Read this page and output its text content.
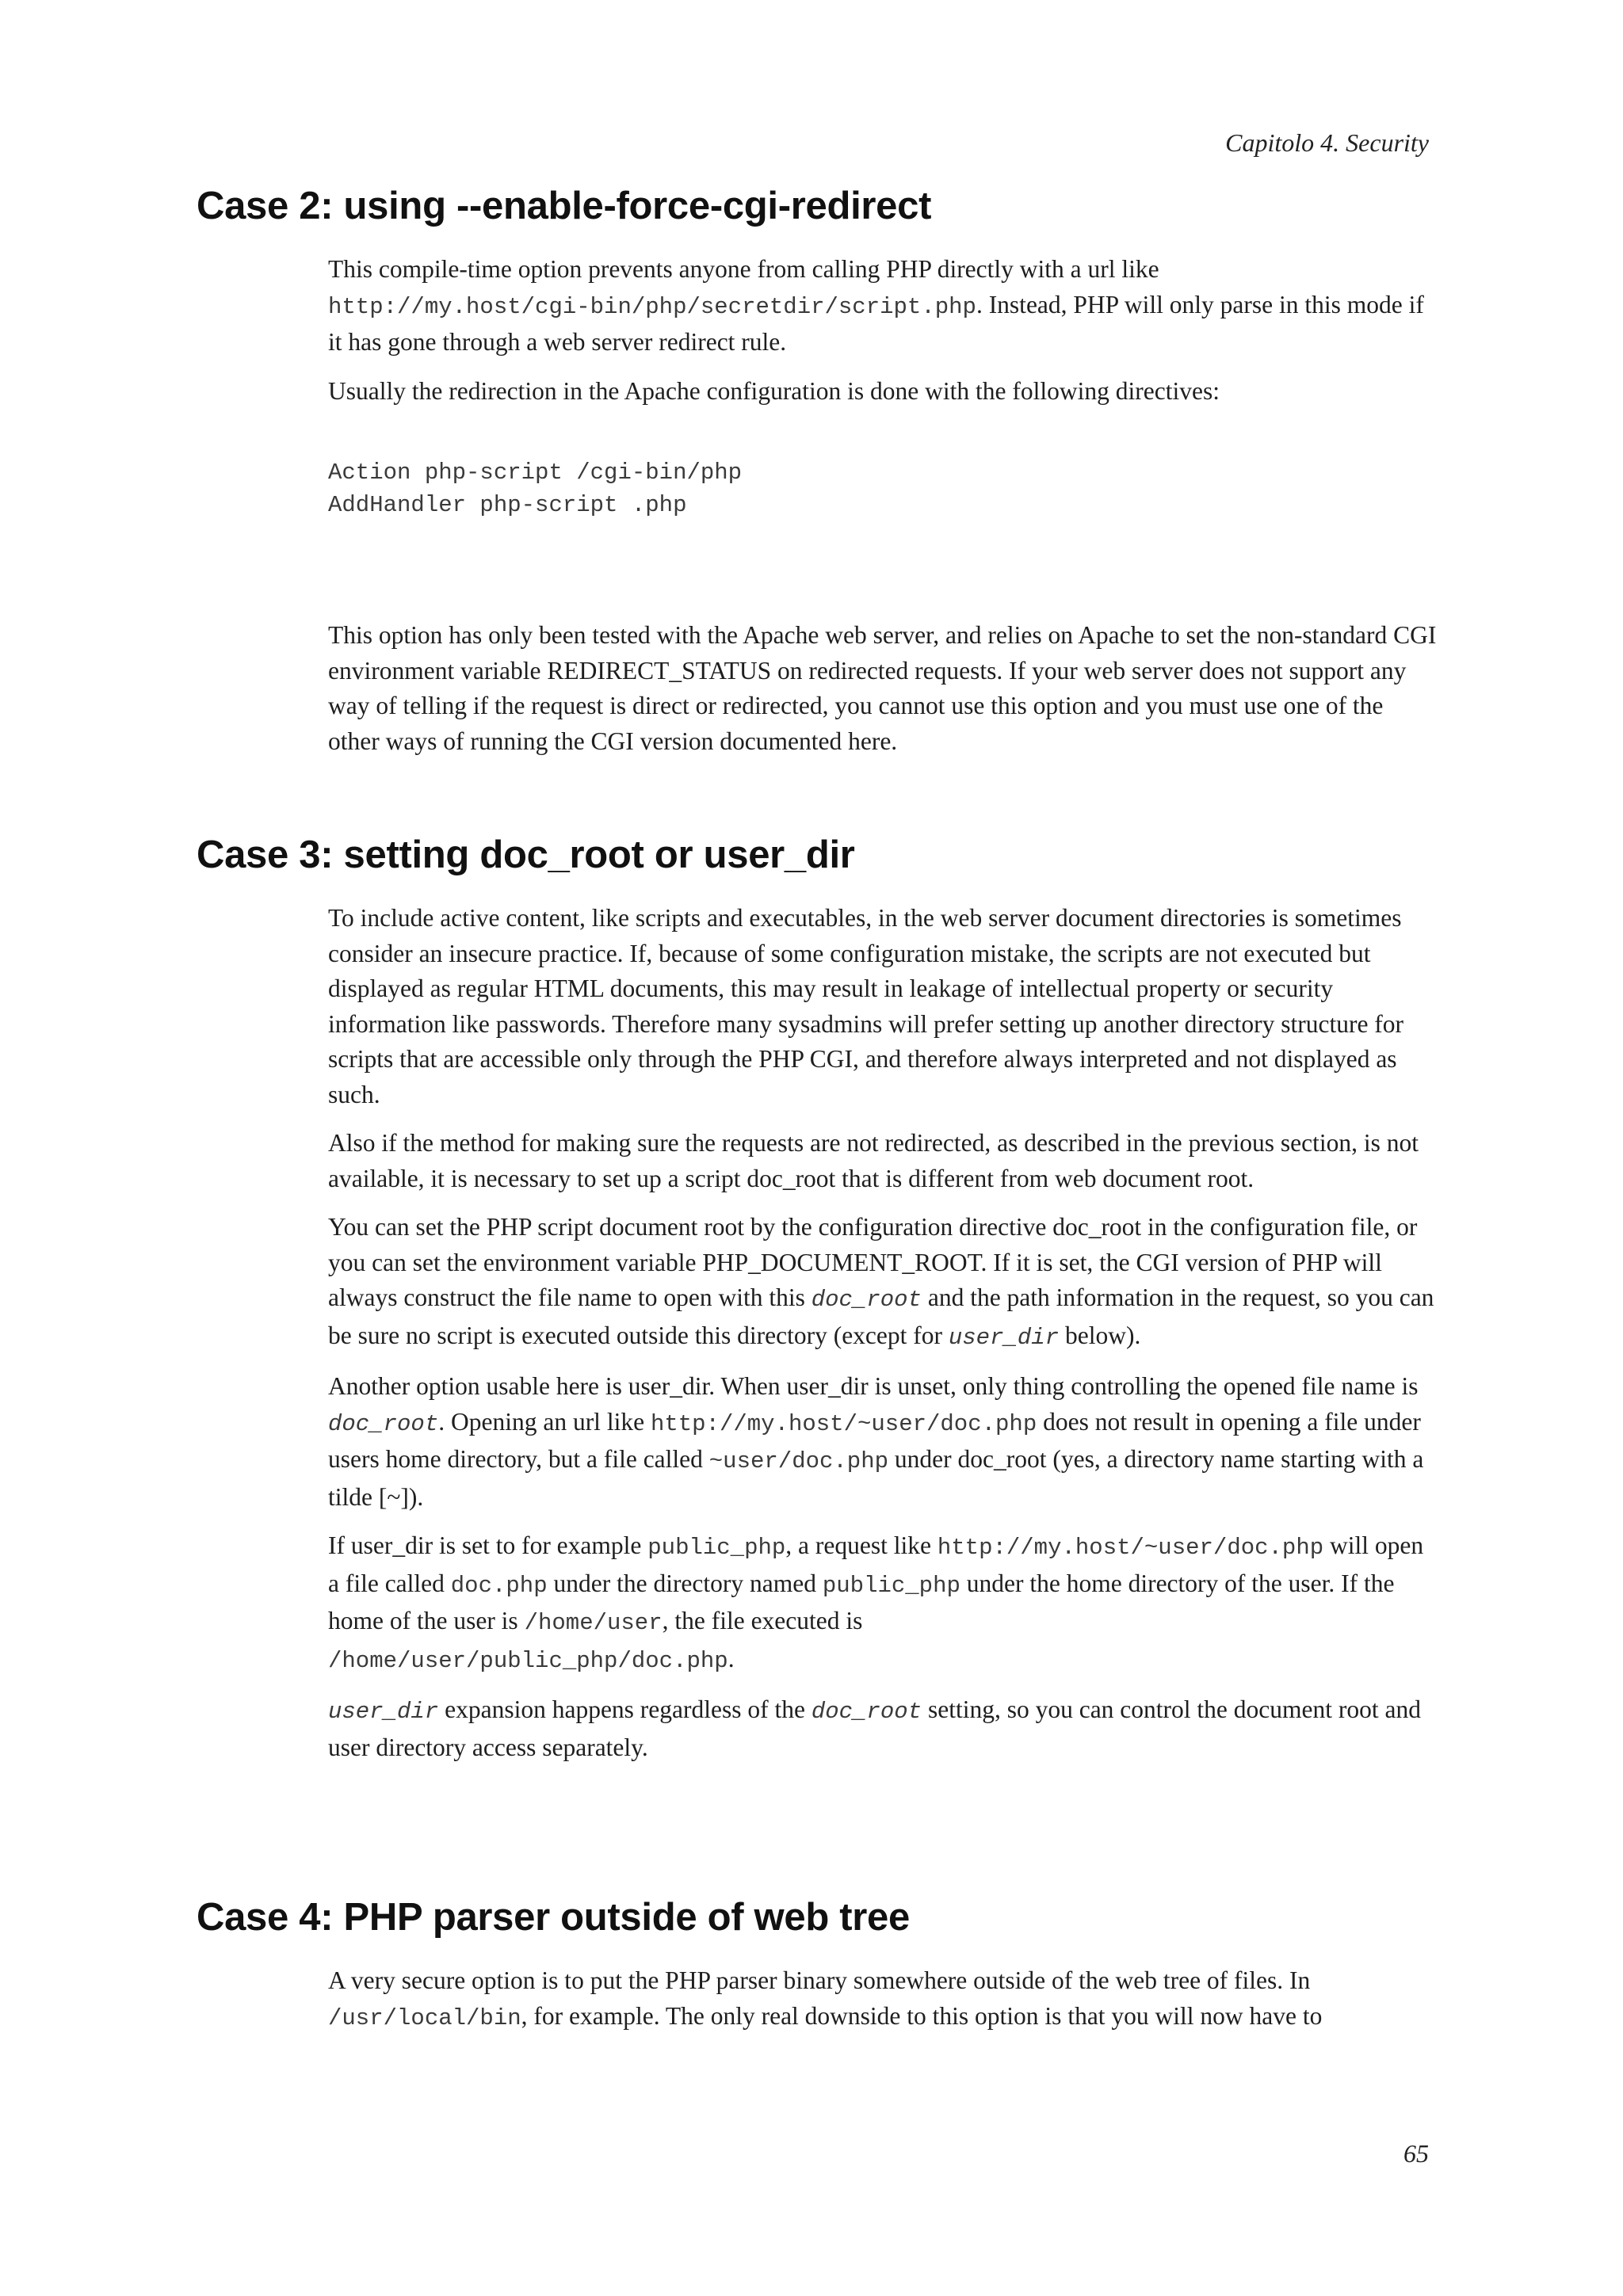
Capitolo 4. Security
Case 2: using --enable-force-cgi-redirect

This compile-time option prevents anyone from calling PHP directly with a url like
http://my.host/cgi-bin/php/secretdir/script.php. Instead, PHP will only parse in this mode if it has gone through a web server redirect rule.

Usually the redirection in the Apache configuration is done with the following directives:

Action php-script /cgi-bin/php
AddHandler php-script .php

This option has only been tested with the Apache web server, and relies on Apache to set the non-standard CGI environment variable REDIRECT_STATUS on redirected requests. If your web server does not support any way of telling if the request is direct or redirected, you cannot use this option and you must use one of the other ways of running the CGI version documented here.

Case 3: setting doc_root or user_dir

To include active content, like scripts and executables, in the web server document directories is sometimes consider an insecure practice. If, because of some configuration mistake, the scripts are not executed but displayed as regular HTML documents, this may result in leakage of intellectual property or security information like passwords. Therefore many sysadmins will prefer setting up another directory structure for scripts that are accessible only through the PHP CGI, and therefore always interpreted and not displayed as such.

Also if the method for making sure the requests are not redirected, as described in the previous section, is not available, it is necessary to set up a script doc_root that is different from web document root.

You can set the PHP script document root by the configuration directive doc_root in the configuration file, or you can set the environment variable PHP_DOCUMENT_ROOT. If it is set, the CGI version of PHP will always construct the file name to open with this doc_root and the path information in the request, so you can be sure no script is executed outside this directory (except for user_dir below).

Another option usable here is user_dir. When user_dir is unset, only thing controlling the opened file name is doc_root. Opening an url like http://my.host/~user/doc.php does not result in opening a file under users home directory, but a file called ~user/doc.php under doc_root (yes, a directory name starting with a tilde [~]).

If user_dir is set to for example public_php, a request like http://my.host/~user/doc.php will open a file called doc.php under the directory named public_php under the home directory of the user. If the home of the user is /home/user, the file executed is
/home/user/public_php/doc.php.

user_dir expansion happens regardless of the doc_root setting, so you can control the document root and user directory access separately.

Case 4: PHP parser outside of web tree

A very secure option is to put the PHP parser binary somewhere outside of the web tree of files. In /usr/local/bin, for example. The only real downside to this option is that you will now have to

65
